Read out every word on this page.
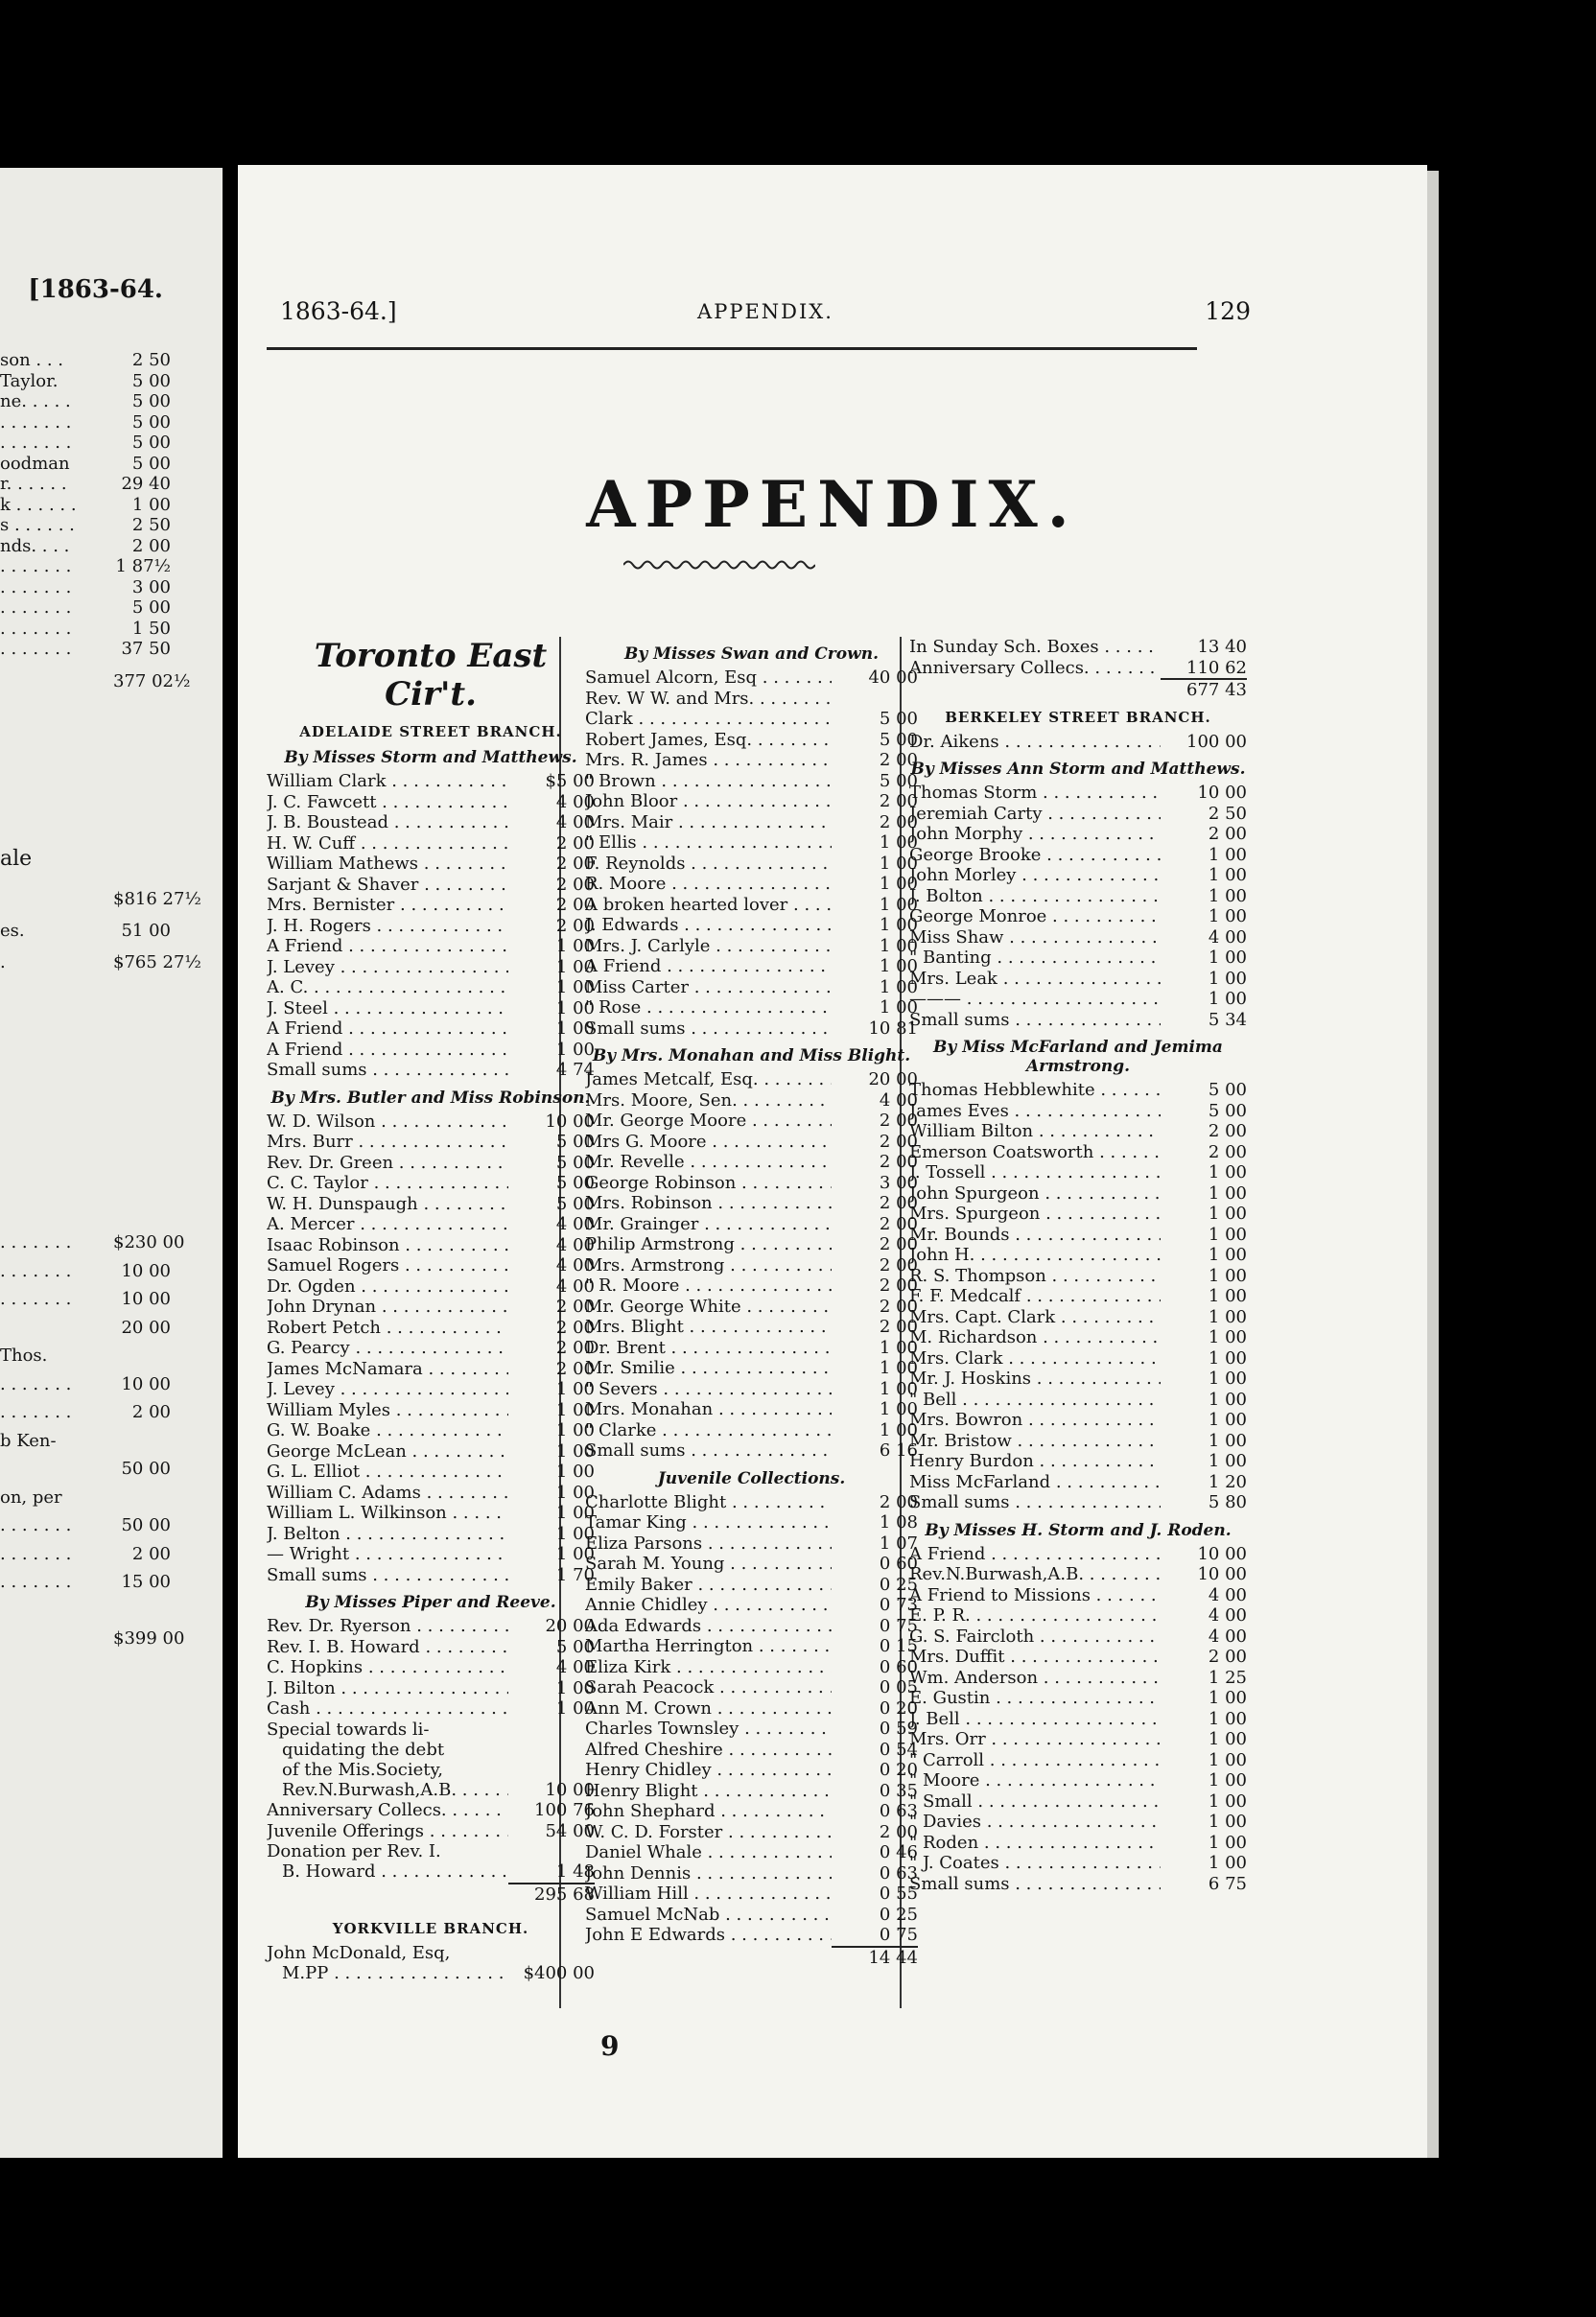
[1863-64.
son . . .	2 50
Taylor.	5 00
ne. . . . .	5 00
. . . . . . .	5 00
. . . . . . .	5 00
oodman	5 00
r. . . . . .	29 40
k . . . . . .	1 00
s . . . . . .	2 50
nds. . . .	2 00
. . . . . . .	1 87½
. . . . . . .	3 00
. . . . . . .	5 00
. . . . . . .	1 50
. . . . . . .	37 50
377 02½
ale
$816 27½
es.	51 00
.	$765 27½
. . . . . . .	$230 00
. . . . . . .	10 00
. . . . . . .	10 00
20 00
Thos.
. . . . . . .	10 00
. . . . . . .	2 00
b Ken-
50 00
on, per
. . . . . . .	50 00
. . . . . . .	2 00
. . . . . . .	15 00
$399 00
1863-64.]	APPENDIX.	129
APPENDIX.
Toronto East Cir't.
ADELAIDE STREET BRANCH.
By Misses Storm and Matthews.
William Clark . . .	$5 00
J. C. Fawcett . . .	4 00
J. B. Boustead . . .	4 00
H. W. Cuff . . .	2 00
William Mathews . . .	2 00
Sarjant & Shaver . . .	2 00
Mrs. Bernister . . .	2 00
J. H. Rogers . . .	2 00
A Friend . . .	1 00
J. Levey . . .	1 00
A. C. . . .	1 00
J. Steel . . .	1 00
A Friend . . .	1 00
A Friend . . .	1 00
Small sums . . .	4 74
By Mrs. Butler and Miss Robinson.
W. D. Wilson . . .	10 00
Mrs. Burr . . .	5 00
Rev. Dr. Green . . .	5 00
C. C. Taylor . . .	5 00
W. H. Dunspaugh . . .	5 00
A. Mercer . . .	4 00
Isaac Robinson . . .	4 00
Samuel Rogers . . .	4 00
Dr. Ogden . . .	4 00
John Drynan . . .	2 00
Robert Petch . . .	2 00
G. Pearcy . . .	2 00
James McNamara . . .	2 00
J. Levey . . .	1 00
William Myles . . .	1 00
G. W. Boake . . .	1 00
George McLean . . .	1 00
G. L. Elliot . . .	1 00
William C. Adams . . .	1 00
William L. Wilkinson . . .	1 00
J. Belton . . .	1 00
— Wright . . .	1 00
Small sums . . .	1 70
By Misses Piper and Reeve.
Rev. Dr. Ryerson . . .	20 00
Rev. I. B. Howard . . .	5 00
C. Hopkins . . .	4 00
J. Bilton . . .	1 00
Cash . . .	1 00
Special towards li-
quidating the debt
of the Mis.Society,
Rev.N.Burwash,A.B. . . .	10 00
Anniversary Collecs. . . .	100 76
Juvenile Offerings . . .	54 00
Donation per Rev. I.
B. Howard . . .	1 48
295 68
YORKVILLE BRANCH.
John McDonald, Esq,
M.PP . . .	$400 00
By Misses Swan and Crown.
Samuel Alcorn, Esq . . .	40 00
Rev. W W. and Mrs. . . .
Clark . . .	5 00
Robert James, Esq. . . .	5 00
Mrs. R. James . . .	2 00
" Brown . . .	5 00
John Bloor . . .	2 00
Mrs. Mair . . .	2 00
" Ellis . . .	1 00
F. Reynolds . . .	1 00
R. Moore . . .	1 00
A broken hearted lover . . .	1 00
J. Edwards . . .	1 00
Mrs. J. Carlyle . . .	1 00
A Friend . . .	1 00
Miss Carter . . .	1 00
" Rose . . .	1 00
Small sums . . .	10 81
By Mrs. Monahan and Miss Blight.
James Metcalf, Esq. . . .	20 00
Mrs. Moore, Sen. . . .	4 00
Mr. George Moore . . .	2 00
Mrs G. Moore . . .	2 00
Mr. Revelle . . .	2 00
George Robinson . . .	3 00
Mrs. Robinson . . .	2 00
Mr. Grainger . . .	2 00
Philip Armstrong . . .	2 00
Mrs. Armstrong . . .	2 00
" R. Moore . . .	2 00
Mr. George White . . .	2 00
Mrs. Blight . . .	2 00
Dr. Brent . . .	1 00
Mr. Smilie . . .	1 00
" Severs . . .	1 00
Mrs. Monahan . . .	1 00
" Clarke . . .	1 00
Small sums . . .	6 16
Juvenile Collections.
Charlotte Blight . . .	2 00
Tamar King . . .	1 08
Eliza Parsons . . .	1 07
Sarah M. Young . . .	0 60
Emily Baker . . .	0 25
Annie Chidley . . .	0 73
Ada Edwards . . .	0 75
Martha Herrington . . .	0 15
Eliza Kirk . . .	0 60
Sarah Peacock . . .	0 05
Ann M. Crown . . .	0 20
Charles Townsley . . .	0 59
Alfred Cheshire . . .	0 54
Henry Chidley . . .	0 20
Henry Blight . . .	0 35
John Shephard . . .	0 63
W. C. D. Forster . . .	2 00
Daniel Whale . . .	0 46
John Dennis . . .	0 63
William Hill . . .	0 55
Samuel McNab . . .	0 25
John E Edwards . . .	0 75
14 44
In Sunday Sch. Boxes . . .	13 40
Anniversary Collecs. . . .	110 62
677 43
BERKELEY STREET BRANCH.
Dr. Aikens . . .	100 00
By Misses Ann Storm and Matthews.
Thomas Storm . . .	10 00
Jeremiah Carty . . .	2 50
John Morphy . . .	2 00
George Brooke . . .	1 00
John Morley . . .	1 00
J. Bolton . . .	1 00
George Monroe . . .	1 00
Miss Shaw . . .	4 00
" Banting . . .	1 00
Mrs. Leak . . .	1 00
——— . . .	1 00
Small sums . . .	5 34
By Miss McFarland and Jemima Armstrong.
Thomas Hebblewhite . . .	5 00
James Eves . . .	5 00
William Bilton . . .	2 00
Emerson Coatsworth . . .	2 00
J. Tossell . . .	1 00
John Spurgeon . . .	1 00
Mrs. Spurgeon . . .	1 00
Mr. Bounds . . .	1 00
John H. . . .	1 00
R. S. Thompson . . .	1 00
F. F. Medcalf . . .	1 00
Mrs. Capt. Clark . . .	1 00
M. Richardson . . .	1 00
Mrs. Clark . . .	1 00
Mr. J. Hoskins . . .	1 00
" Bell . . .	1 00
Mrs. Bowron . . .	1 00
Mr. Bristow . . .	1 00
Henry Burdon . . .	1 00
Miss McFarland . . .	1 20
Small sums . . .	5 80
By Misses H. Storm and J. Roden.
A Friend . . .	10 00
Rev.N.Burwash,A.B. . . .	10 00
A Friend to Missions . . .	4 00
E. P. R. . . .	4 00
G. S. Faircloth . . .	4 00
Mrs. Duffit . . .	2 00
Wm. Anderson . . .	1 25
E. Gustin . . .	1 00
J. Bell . . .	1 00
Mrs. Orr . . .	1 00
" Carroll . . .	1 00
" Moore . . .	1 00
" Small . . .	1 00
" Davies . . .	1 00
" Roden . . .	1 00
" J. Coates . . .	1 00
Small sums . . .	6 75
9
